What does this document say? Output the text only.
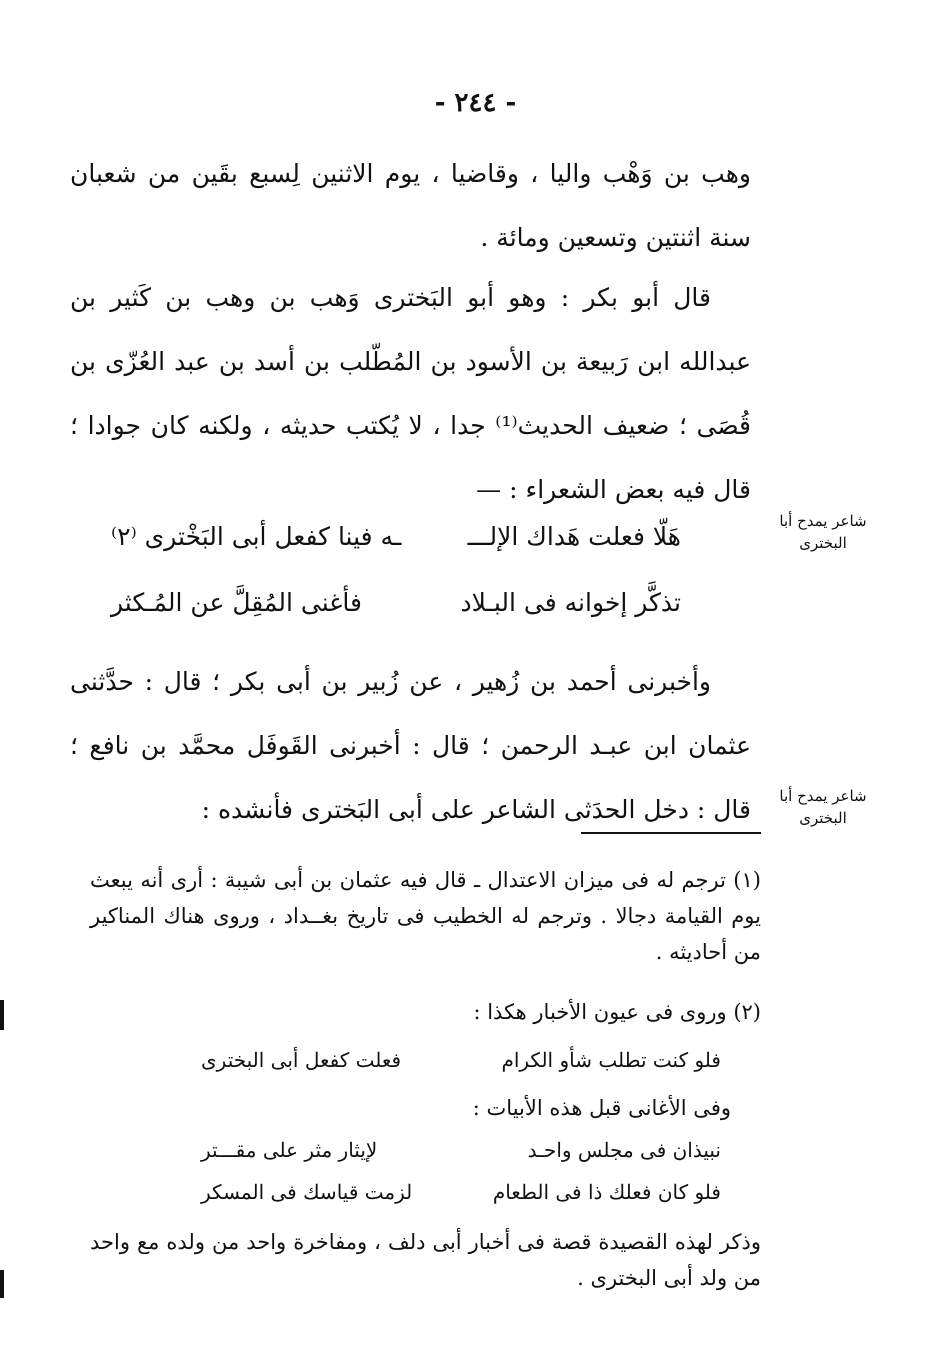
- ٢٤٤ -
وهب بن وَهْب واليا ، وقاضيا ، يوم الاثنين لِسبع بقَين من شعبان سنة اثنتين وتسعين ومائة .
قال أبو بكر : وهو أبو البَخترى وَهب بن وهب بن كَثير بن عبدالله ابن رَبيعة بن الأسود بن المُطّلب بن أسد بن عبد العُزّى بن قُصَى ؛ ضعيف الحديث⁽¹⁾ جدا ، لا يُكتب حديثه ، ولكنه كان جوادا ؛ قال فيه بعض الشعراء : —
شاعر يمدح أبا البخترى
هَلّا فعلت هَداك الإلـــ
ـه فينا كفعل أبى البَخْترى ⁽٢⁾
تذكَّر إخوانه فى البـلاد
فأغنى المُقِلَّ عن المُـكثر
وأخبرنى أحمد بن زُهير ، عن زُبير بن أبى بكر ؛ قال : حدَّثنى عثمان ابن عبـد الرحمن ؛ قال : أخبرنى القَوفَل محمَّد بن نافع ؛ قال : دخل الحدَثى الشاعر على أبى البَخترى فأنشده :	شاعر يمدح أبا البخترى
(١) ترجم له فى ميزان الاعتدال ـ قال فيه عثمان بن أبى شيبة : أرى أنه يبعث يوم القيامة دجالا . وترجم له الخطيب فى تاريخ بغــداد ، وروى هناك المناكير من أحاديثه .
(٢) وروى فى عيون الأخبار هكذا :
فلو كنت تطلب شأو الكرام
فعلت كفعل أبى البخترى
وفى الأغانى قبل هذه الأبيات :
نبيذان فى مجلس واحـد
لإيثار مثر على مقـــتر
فلو كان فعلك ذا فى الطعام
لزمت قياسك فى المسكر
وذكر لهذه القصيدة قصة فى أخبار أبى دلف ، ومفاخرة واحد من ولده مع واحد من ولد أبى البخترى .
